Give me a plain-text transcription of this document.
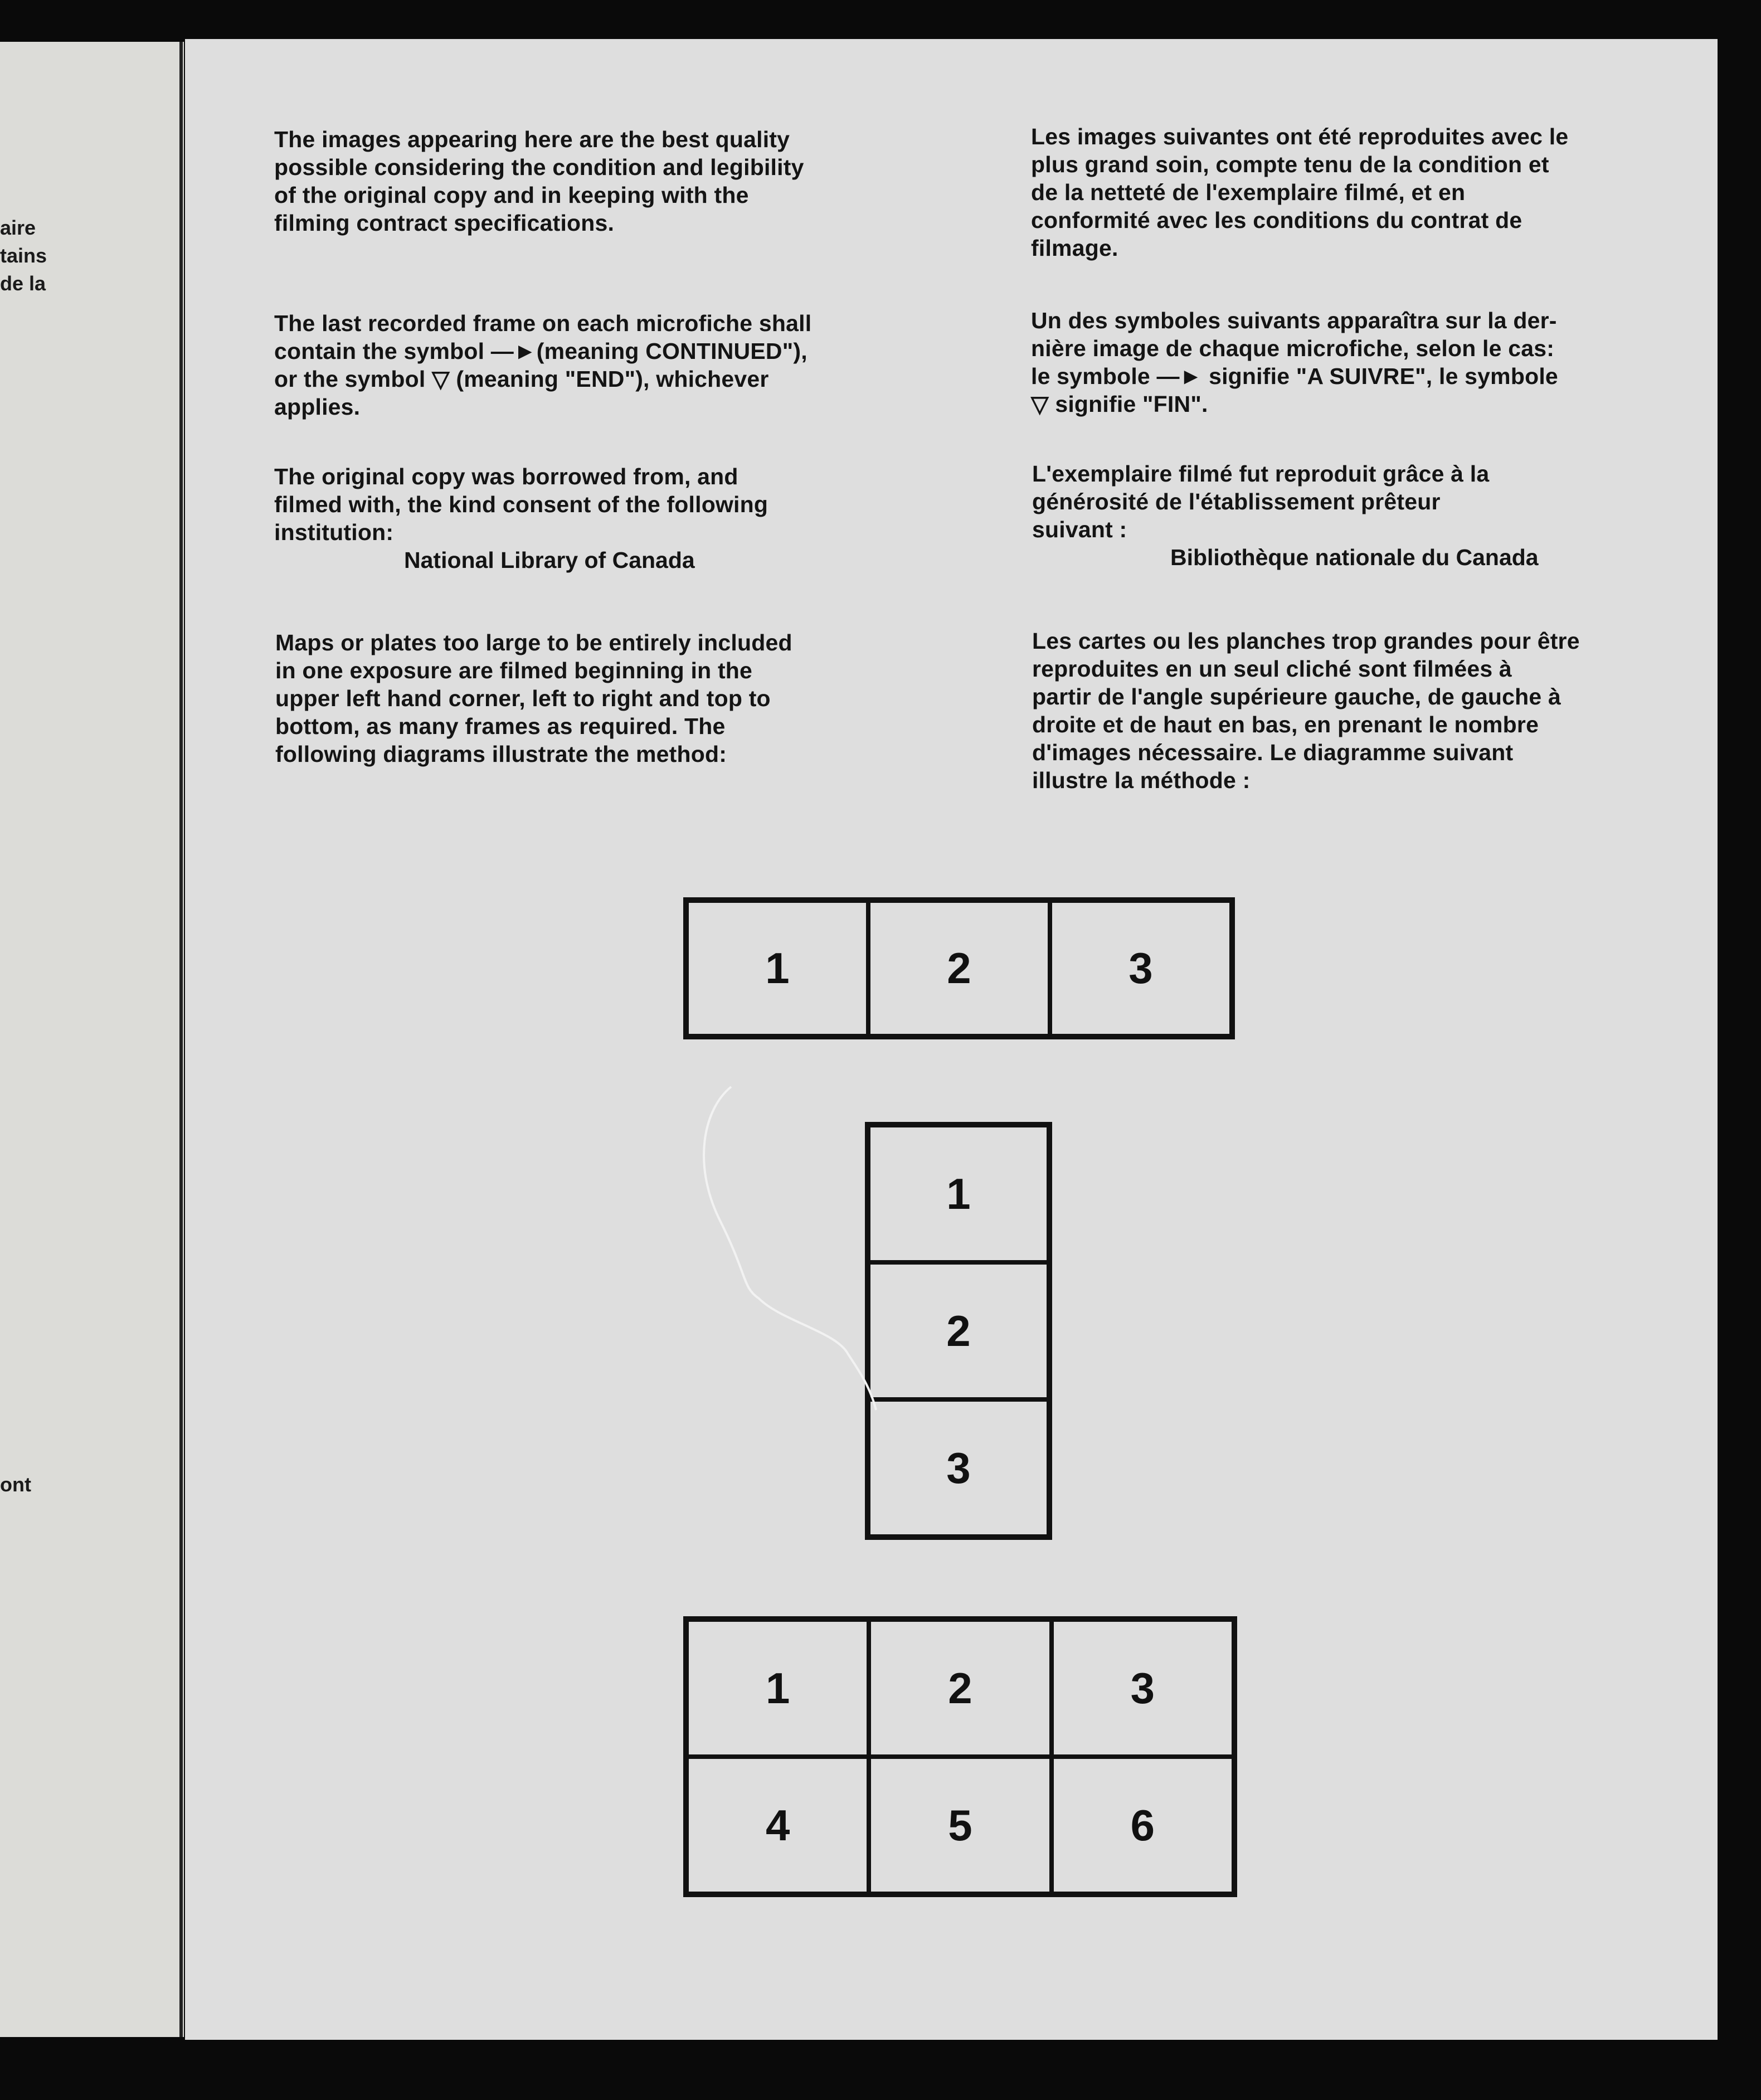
aire
tains
de la
ont
The images appearing here are the best quality
possible considering the condition and legibility
of the original copy and in keeping with the
filming contract specifications.
The last recorded frame on each microfiche shall
contain the symbol —►(meaning CONTINUED"),
or the symbol ▽ (meaning "END"), whichever
applies.
The original copy was borrowed from, and
filmed with, the kind consent of the following
institution:
National Library of Canada
Maps or plates too large to be entirely included
in one exposure are filmed beginning in the
upper left hand corner, left to right and top to
bottom, as many frames as required. The
following diagrams illustrate the method:
Les images suivantes ont été reproduites avec le
plus grand soin, compte tenu de la condition et
de la netteté de l'exemplaire filmé, et en
conformité avec les conditions du contrat de
filmage.
Un des symboles suivants apparaîtra sur la der-
nière image de chaque microfiche, selon le cas:
le symbole —► signifie "A SUIVRE", le symbole
▽ signifie "FIN".
L'exemplaire filmé fut reproduit grâce à la
générosité de l'établissement prêteur
suivant :
Bibliothèque nationale du Canada
Les cartes ou les planches trop grandes pour être
reproduites en un seul cliché sont filmées à
partir de l'angle supérieure gauche, de gauche à
droite et de haut en bas, en prenant le nombre
d'images nécessaire. Le diagramme suivant
illustre la méthode :
1	2	3
1
2
3
1	2	3
4	5	6
